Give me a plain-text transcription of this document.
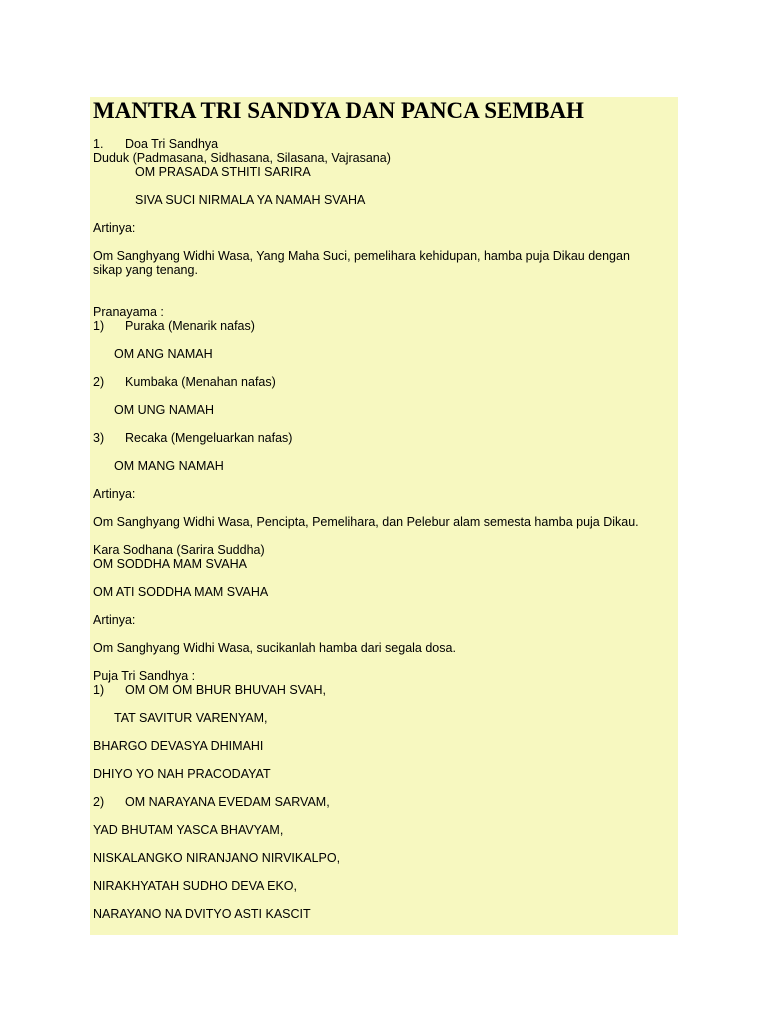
MANTRA TRI SANDYA DAN PANCA SEMBAH
1. Doa Tri Sandhya
Duduk (Padmasana, Sidhasana, Silasana, Vajrasana)
OM PRASADA STHITI SARIRA
SIVA SUCI NIRMALA YA NAMAH SVAHA
Artinya:
Om Sanghyang Widhi Wasa, Yang Maha Suci, pemelihara kehidupan, hamba puja Dikau dengan
sikap yang tenang.
Pranayama :
1) Puraka (Menarik nafas)
OM ANG NAMAH
2) Kumbaka (Menahan nafas)
OM UNG NAMAH
3) Recaka (Mengeluarkan nafas)
OM MANG NAMAH
Artinya:
Om Sanghyang Widhi Wasa, Pencipta, Pemelihara, dan Pelebur alam semesta hamba puja Dikau.
Kara Sodhana (Sarira Suddha)
OM SODDHA MAM SVAHA
OM ATI SODDHA MAM SVAHA
Artinya:
Om Sanghyang Widhi Wasa, sucikanlah hamba dari segala dosa.
Puja Tri Sandhya :
1) OM OM OM BHUR BHUVAH SVAH,
TAT SAVITUR VARENYAM,
BHARGO DEVASYA DHIMAHI
DHIYO YO NAH PRACODAYAT
2) OM NARAYANA EVEDAM SARVAM,
YAD BHUTAM YASCA BHAVYAM,
NISKALANGKO NIRANJANO NIRVIKALPO,
NIRAKHYATAH SUDHO DEVA EKO,
NARAYANO NA DVITYO ASTI KASCIT
